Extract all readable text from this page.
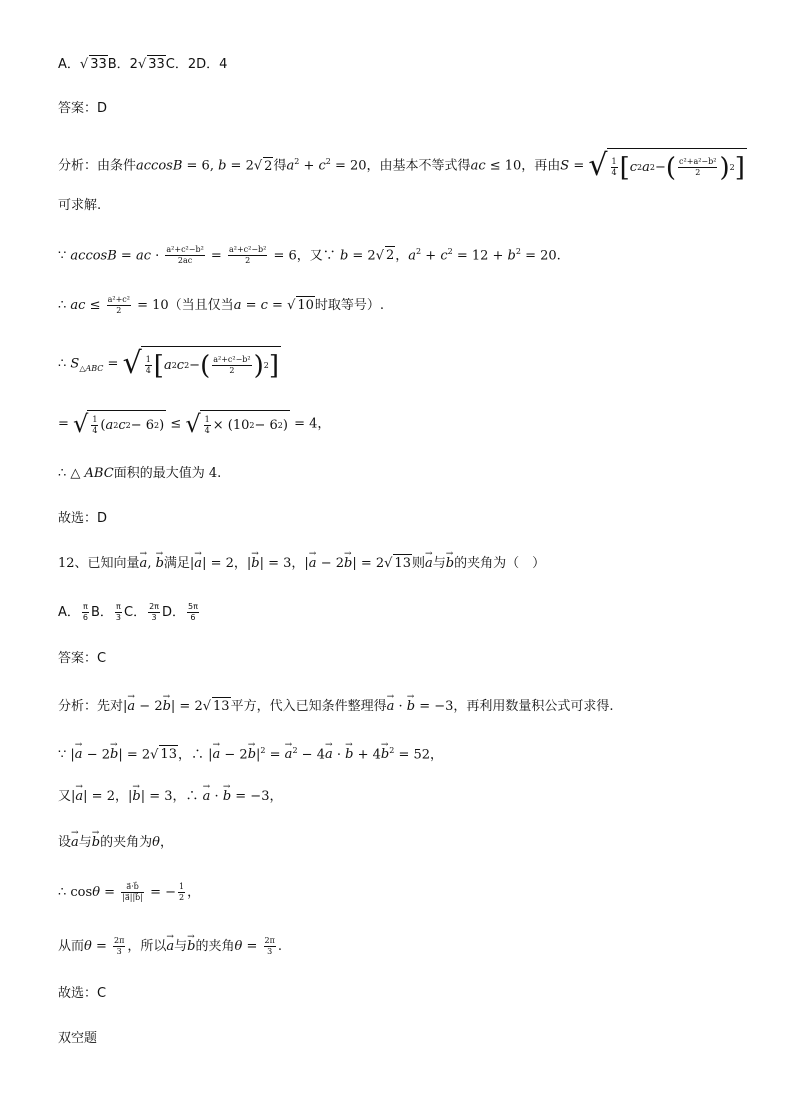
A．√ 33B．2√ 33C．2D．4
答案：D
分析：由条件accosB = 6, b = 2√ 2得$a^2 + c^2 = 20$，由基本不等式得ac ≤ 10，再由S = √ $\frac{1}{4}$ [ c 2 a 2 − ( $\frac{\text{c²+a²−b²}}{2}$ ) 2 ]
可求解.
∵ accosB = ac · $\frac{\text{a²+c²−b²}}{2ac} = \frac{\text{a²+c²−b²}}{2} = 6$，又∵ b = 2√ 2，$a^2 + c^2 = 12 + b^2 = 20$.
∴ ac ≤ $\frac{\text{a²+c²}}{2} = 10$（当且仅当a = c = √ 10时取等号）.
∴ $S_{\triangle ABC}$ = √ $\frac{1}{4}$ [ a 2 c 2 − ( $\frac{\text{a²+c²−b²}}{2}$ ) 2 ]
= √ $\frac{1}{4}$ ( a 2 c 2 − 6 2 ) ≤ √ $\frac{1}{4} \times (10$ 2 − 6 2 ) = 4，
∴ △ ABC面积的最大值为 4.
故选：D
12、已知向量→ a, → b满足|→ a| = 2，|→ b| = 3，|→ a − 2→ b| = 2√ 13则→ a与→ b的夹角为（　）
A． $\frac{\pi}{6}$ B． $\frac{\pi}{3}$ C． $\frac{2\pi}{3}$ D． $\frac{5\pi}{6}$
答案：C
分析：先对|→ a − 2→ b| = 2√ 13平方，代入已知条件整理得→ a · → b = −3，再利用数量积公式可求得.
∵ |→ a − 2→ b| = 2√ 13，∴ |→ $a - 2\to b|^2$ = → $a^2 - 4\to a$ · → $b + 4\to b^2 = 52$，
又|→ a| = 2，|→ b| = 3，∴ → a · → b = −3，
设→ a与→ b的夹角为θ，
∴ $\cos\theta = \frac{a⃗\cdot b⃗}{|a⃗||b⃗|}$ = − $\frac{1}{2}$ ，
从而$\theta = \frac{2\pi}{3}$ ，所以→ a与→ b的夹角$\theta = \frac{2\pi}{3}$ .
故选：C
双空题
